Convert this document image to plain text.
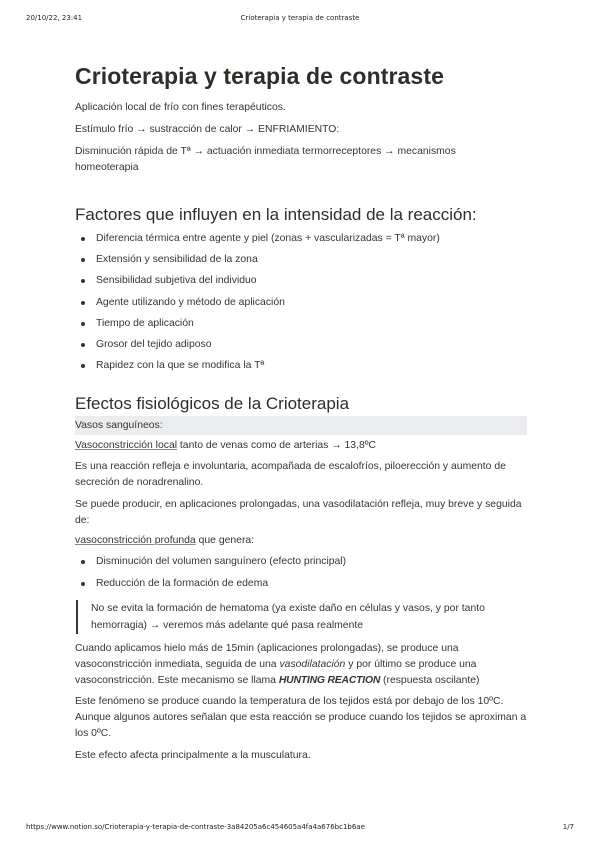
20/10/22, 23:41	Crioterapia y terapia de contraste
Crioterapia y terapia de contraste

Aplicación local de frío con fines terapéuticos.

Estímulo frío → sustracción de calor → ENFRIAMIENTO:

Disminución rápida de Tª → actuación inmediata termorreceptores → mecanismos homeoterapia

Factores que influyen en la intensidad de la reacción:
Diferencia térmica entre agente y piel (zonas + vascularizadas = Tª mayor)
Extensión y sensibilidad de la zona
Sensibilidad subjetiva del individuo
Agente utilizando y método de aplicación
Tiempo de aplicación
Grosor del tejido adiposo
Rapidez con la que se modifica la Tª
Efectos fisiológicos de la Crioterapia
Vasos sanguíneos:

Vasoconstricción local tanto de venas como de arterias → 13,8ºC

Es una reacción refleja e involuntaria, acompañada de escalofríos, piloerección y aumento de secreción de noradrenalino.

Se puede producir, en aplicaciones prolongadas, una vasodilatación refleja, muy breve y seguida de:

vasoconstricción profunda que genera:

Disminución del volumen sanguínero (efecto principal)
Reducción de la formación de edema

No se evita la formación de hematoma (ya existe daño en células y vasos, y por tanto hemorragia) → veremos más adelante qué pasa realmente

Cuando aplicamos hielo más de 15min (aplicaciones prolongadas), se produce una vasoconstricción inmediata, seguida de una vasodilatación y por último se produce una vasoconstricción. Este mecanismo se llama HUNTING REACTION (respuesta oscilante)

Este fenómeno se produce cuando la temperatura de los tejidos está por debajo de los 10ºC. Aunque algunos autores señalan que esta reacción se produce cuando los tejidos se aproximan a los 0ºC.

Este efecto afecta principalmente a la musculatura.

https://www.notion.so/Crioterapia-y-terapia-de-contraste-3a84205a6c454605a4fa4a676bc1b6ae	1/7
